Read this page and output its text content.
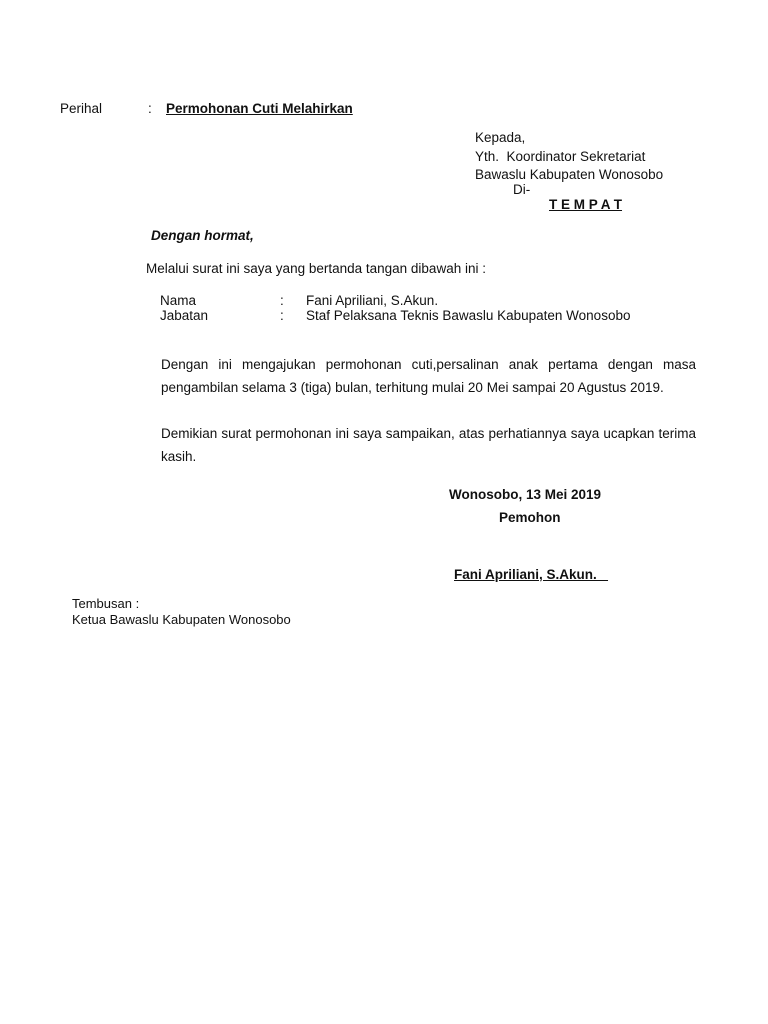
Perihal	: Permohonan Cuti Melahirkan
Kepada,
Yth.  Koordinator Sekretariat
Bawaslu Kabupaten Wonosobo
Di-
T E M P A T
Dengan hormat,
Melalui surat ini saya yang bertanda tangan dibawah ini :
Nama	: Fani Apriliani, S.Akun.
Jabatan	: Staf Pelaksana Teknis Bawaslu Kabupaten Wonosobo
Dengan ini mengajukan permohonan cuti,persalinan anak pertama dengan masa pengambilan selama 3 (tiga) bulan, terhitung mulai 20 Mei sampai 20 Agustus 2019.
Demikian surat permohonan ini saya sampaikan, atas perhatiannya saya ucapkan terima kasih.
Wonosobo, 13 Mei 2019
Pemohon
Fani Apriliani, S.Akun.
Tembusan :
Ketua Bawaslu Kabupaten Wonosobo
